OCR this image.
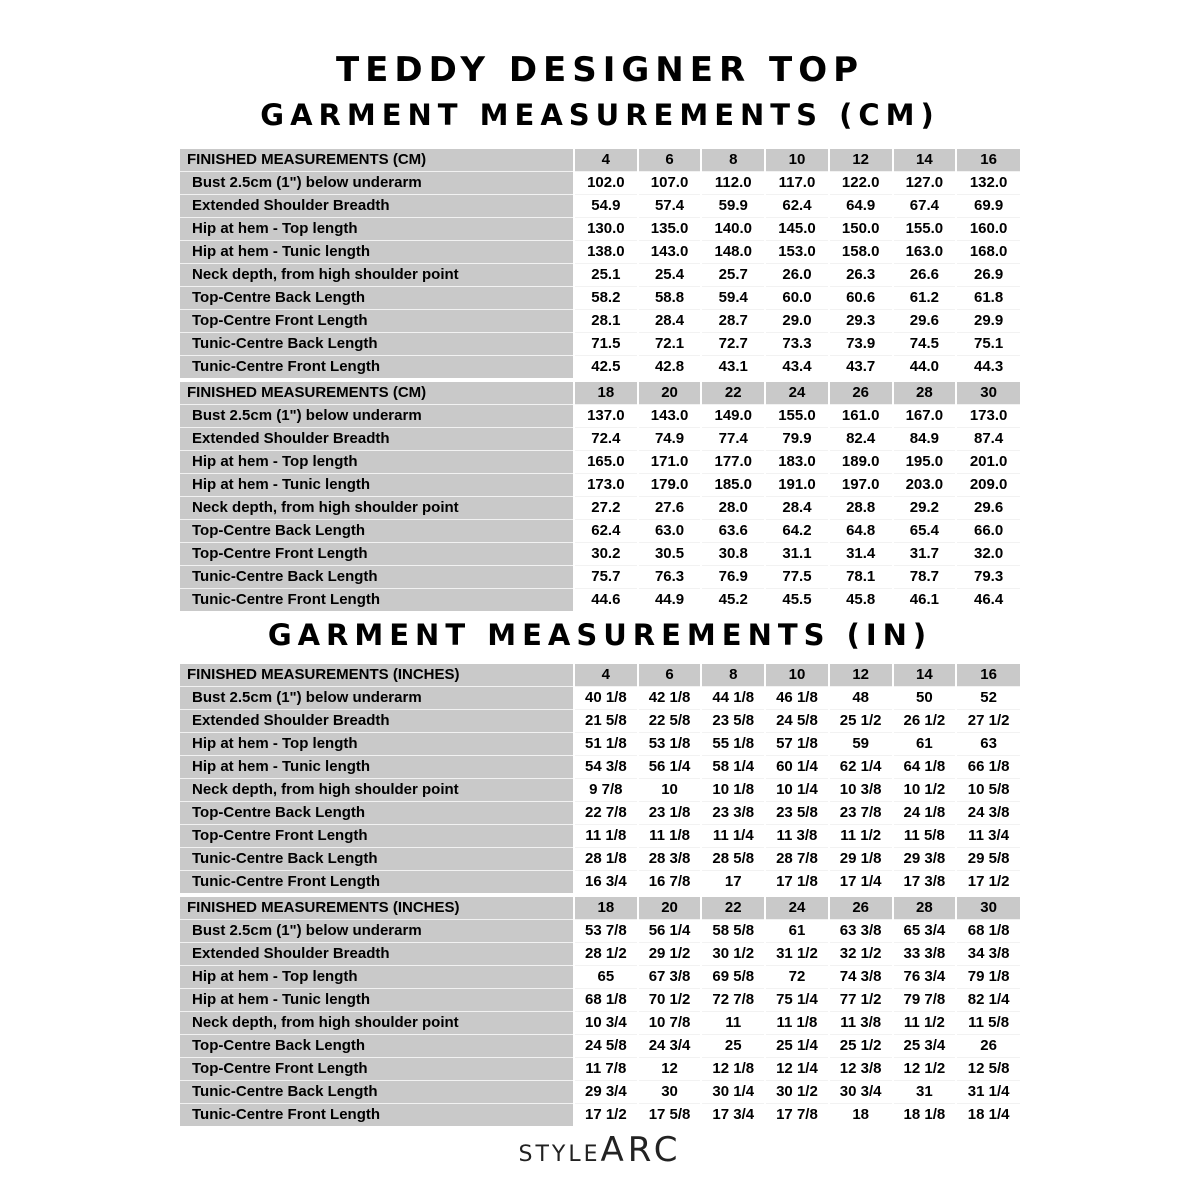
TEDDY DESIGNER TOP
GARMENT MEASUREMENTS (CM)
FINISHED MEASUREMENTS (CM)	4	6	8	10	12	14	16
Bust 2.5cm (1") below underarm	102.0	107.0	112.0	117.0	122.0	127.0	132.0
Extended Shoulder Breadth	54.9	57.4	59.9	62.4	64.9	67.4	69.9
Hip at hem - Top length	130.0	135.0	140.0	145.0	150.0	155.0	160.0
Hip at hem - Tunic length	138.0	143.0	148.0	153.0	158.0	163.0	168.0
Neck depth, from high shoulder point	25.1	25.4	25.7	26.0	26.3	26.6	26.9
Top-Centre Back Length	58.2	58.8	59.4	60.0	60.6	61.2	61.8
Top-Centre Front Length	28.1	28.4	28.7	29.0	29.3	29.6	29.9
Tunic-Centre Back Length	71.5	72.1	72.7	73.3	73.9	74.5	75.1
Tunic-Centre Front Length	42.5	42.8	43.1	43.4	43.7	44.0	44.3
FINISHED MEASUREMENTS (CM)	18	20	22	24	26	28	30
Bust 2.5cm (1") below underarm	137.0	143.0	149.0	155.0	161.0	167.0	173.0
Extended Shoulder Breadth	72.4	74.9	77.4	79.9	82.4	84.9	87.4
Hip at hem - Top length	165.0	171.0	177.0	183.0	189.0	195.0	201.0
Hip at hem - Tunic length	173.0	179.0	185.0	191.0	197.0	203.0	209.0
Neck depth, from high shoulder point	27.2	27.6	28.0	28.4	28.8	29.2	29.6
Top-Centre Back Length	62.4	63.0	63.6	64.2	64.8	65.4	66.0
Top-Centre Front Length	30.2	30.5	30.8	31.1	31.4	31.7	32.0
Tunic-Centre Back Length	75.7	76.3	76.9	77.5	78.1	78.7	79.3
Tunic-Centre Front Length	44.6	44.9	45.2	45.5	45.8	46.1	46.4
GARMENT MEASUREMENTS (IN)
FINISHED MEASUREMENTS (INCHES)	4	6	8	10	12	14	16
Bust 2.5cm (1") below underarm	40 1/8	42 1/8	44 1/8	46 1/8	48	50	52
Extended Shoulder Breadth	21 5/8	22 5/8	23 5/8	24 5/8	25 1/2	26 1/2	27 1/2
Hip at hem - Top length	51 1/8	53 1/8	55 1/8	57 1/8	59	61	63
Hip at hem - Tunic length	54 3/8	56 1/4	58 1/4	60 1/4	62 1/4	64 1/8	66 1/8
Neck depth, from high shoulder point	9 7/8	10	10 1/8	10 1/4	10 3/8	10 1/2	10 5/8
Top-Centre Back Length	22 7/8	23 1/8	23 3/8	23 5/8	23 7/8	24 1/8	24 3/8
Top-Centre Front Length	11 1/8	11 1/8	11 1/4	11 3/8	11 1/2	11 5/8	11 3/4
Tunic-Centre Back Length	28 1/8	28 3/8	28 5/8	28 7/8	29 1/8	29 3/8	29 5/8
Tunic-Centre Front Length	16 3/4	16 7/8	17	17 1/8	17 1/4	17 3/8	17 1/2
FINISHED MEASUREMENTS (INCHES)	18	20	22	24	26	28	30
Bust 2.5cm (1") below underarm	53 7/8	56 1/4	58 5/8	61	63 3/8	65 3/4	68 1/8
Extended Shoulder Breadth	28 1/2	29 1/2	30 1/2	31 1/2	32 1/2	33 3/8	34 3/8
Hip at hem - Top length	65	67 3/8	69 5/8	72	74 3/8	76 3/4	79 1/8
Hip at hem - Tunic length	68 1/8	70 1/2	72 7/8	75 1/4	77 1/2	79 7/8	82 1/4
Neck depth, from high shoulder point	10 3/4	10 7/8	11	11 1/8	11 3/8	11 1/2	11 5/8
Top-Centre Back Length	24 5/8	24 3/4	25	25 1/4	25 1/2	25 3/4	26
Top-Centre Front Length	11 7/8	12	12 1/8	12 1/4	12 3/8	12 1/2	12 5/8
Tunic-Centre Back Length	29 3/4	30	30 1/4	30 1/2	30 3/4	31	31 1/4
Tunic-Centre Front Length	17 1/2	17 5/8	17 3/4	17 7/8	18	18 1/8	18 1/4
STYLEARC
